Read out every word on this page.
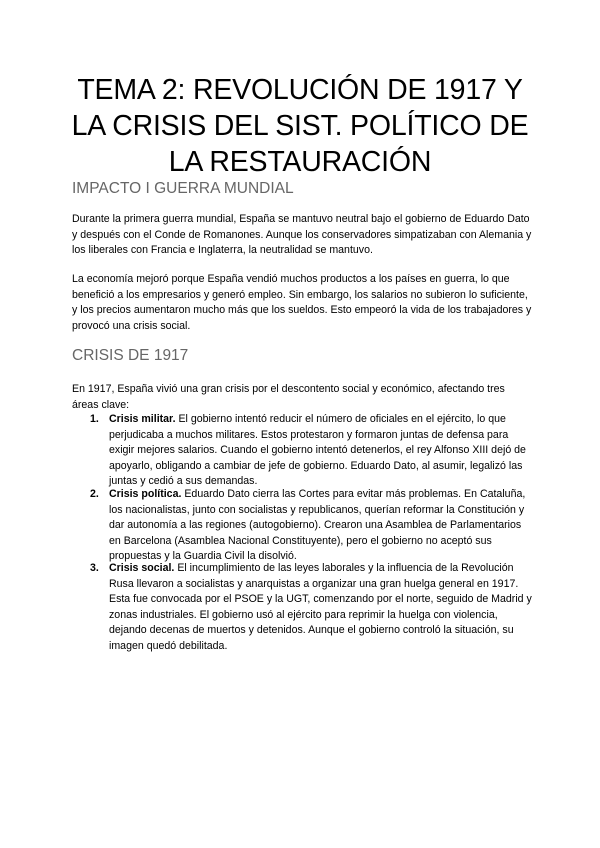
TEMA 2: REVOLUCIÓN DE 1917 Y LA CRISIS DEL SIST. POLÍTICO DE LA RESTAURACIÓN
IMPACTO I GUERRA MUNDIAL

Durante la primera guerra mundial, España se mantuvo neutral bajo el gobierno de Eduardo Dato y después con el Conde de Romanones. Aunque los conservadores simpatizaban con Alemania y los liberales con Francia e Inglaterra, la neutralidad se mantuvo.

La economía mejoró porque España vendió muchos productos a los países en guerra, lo que benefició a los empresarios y generó empleo. Sin embargo, los salarios no subieron lo suficiente, y los precios aumentaron mucho más que los sueldos. Esto empeoró la vida de los trabajadores y provocó una crisis social.

CRISIS DE 1917

En 1917, España vivió una gran crisis por el descontento social y económico, afectando tres áreas clave:

1. Crisis militar. El gobierno intentó reducir el número de oficiales en el ejército, lo que perjudicaba a muchos militares. Estos protestaron y formaron juntas de defensa para exigir mejores salarios. Cuando el gobierno intentó detenerlos, el rey Alfonso XIII dejó de apoyarlo, obligando a cambiar de jefe de gobierno. Eduardo Dato, al asumir, legalizó las juntas y cedió a sus demandas.
2. Crisis política. Eduardo Dato cierra las Cortes para evitar más problemas. En Cataluña, los nacionalistas, junto con socialistas y republicanos, querían reformar la Constitución y dar autonomía a las regiones (autogobierno). Crearon una Asamblea de Parlamentarios en Barcelona (Asamblea Nacional Constituyente), pero el gobierno no aceptó sus propuestas y la Guardia Civil la disolvió.
3. Crisis social. El incumplimiento de las leyes laborales y la influencia de la Revolución Rusa llevaron a socialistas y anarquistas a organizar una gran huelga general en 1917. Esta fue convocada por el PSOE y la UGT, comenzando por el norte, seguido de Madrid y zonas industriales. El gobierno usó al ejército para reprimir la huelga con violencia, dejando decenas de muertos y detenidos. Aunque el gobierno controló la situación, su imagen quedó debilitada.
